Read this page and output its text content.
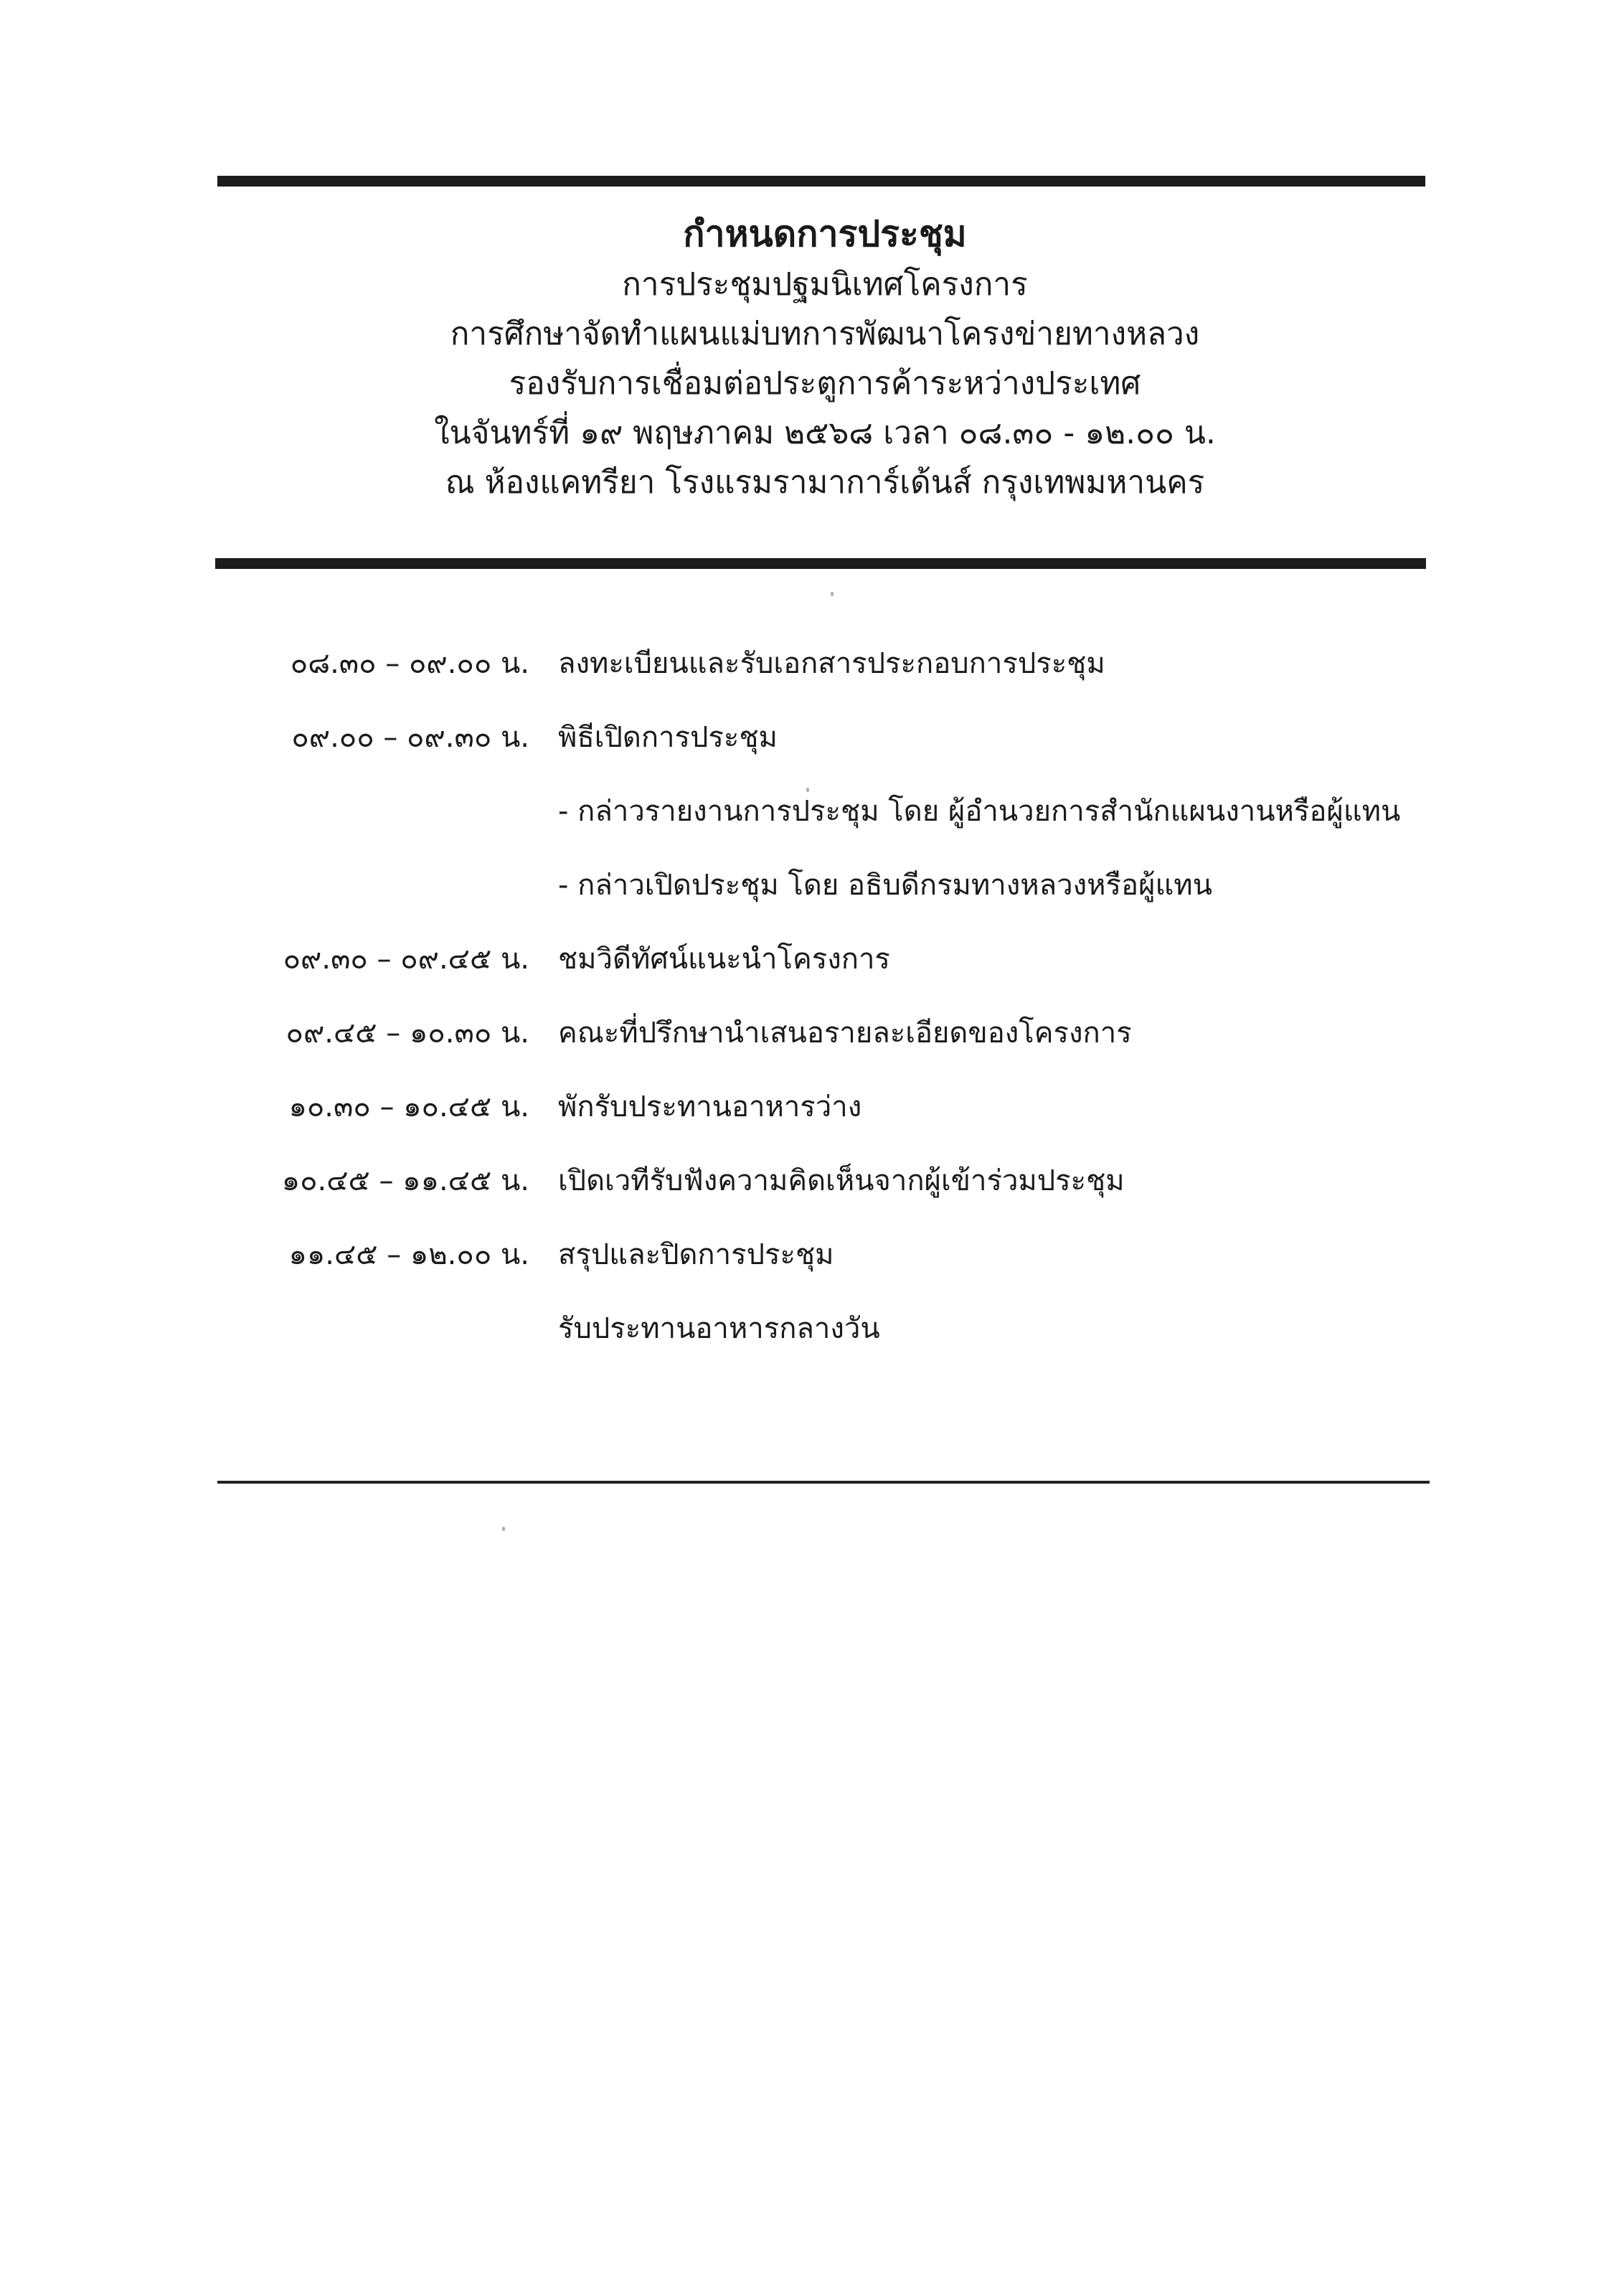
กำหนดการประชุม
การประชุมปฐมนิเทศโครงการ
การศึกษาจัดทำแผนแม่บทการพัฒนาโครงข่ายทางหลวง
รองรับการเชื่อมต่อประตูการค้าระหว่างประเทศ
ในจันทร์ที่ ๑๙ พฤษภาคม ๒๕๖๘ เวลา ๐๘.๓๐ - ๑๒.๐๐ น.
ณ ห้องแคทรียา โรงแรมรามาการ์เด้นส์ กรุงเทพมหานคร
๐๘.๓๐ – ๐๙.๐๐ น. ลงทะเบียนและรับเอกสารประกอบการประชุม
๐๙.๐๐ – ๐๙.๓๐ น. พิธีเปิดการประชุม
- กล่าวรายงานการประชุม โดย ผู้อำนวยการสำนักแผนงานหรือผู้แทน
- กล่าวเปิดประชุม โดย อธิบดีกรมทางหลวงหรือผู้แทน
๐๙.๓๐ – ๐๙.๔๕ น. ชมวิดีทัศน์แนะนำโครงการ
๐๙.๔๕ – ๑๐.๓๐ น. คณะที่ปรึกษานำเสนอรายละเอียดของโครงการ
๑๐.๓๐ – ๑๐.๔๕ น. พักรับประทานอาหารว่าง
๑๐.๔๕ – ๑๑.๔๕ น. เปิดเวทีรับฟังความคิดเห็นจากผู้เข้าร่วมประชุม
๑๑.๔๕ – ๑๒.๐๐ น. สรุปและปิดการประชุม
รับประทานอาหารกลางวัน
